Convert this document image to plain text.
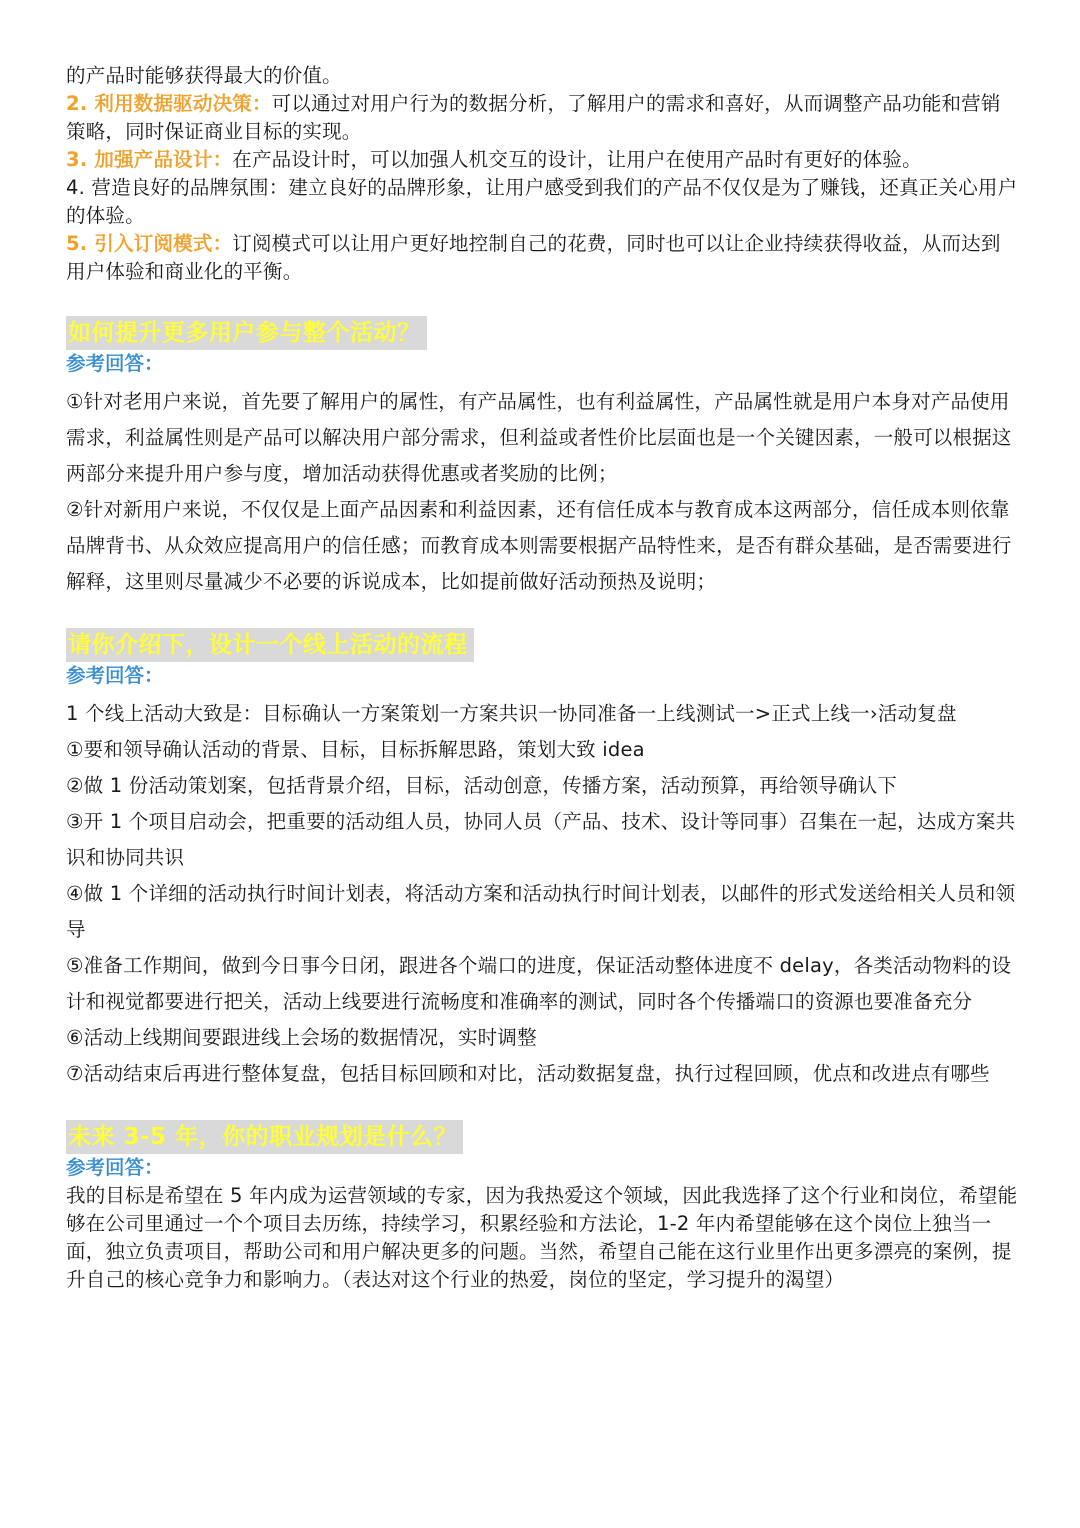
的产品时能够获得最大的价值。

2. 利用数据驱动决策：可以通过对用户行为的数据分析，了解用户的需求和喜好，从而调整产品功能和营销策略，同时保证商业目标的实现。

3. 加强产品设计：在产品设计时，可以加强人机交互的设计，让用户在使用产品时有更好的体验。

4. 营造良好的品牌氛围：建立良好的品牌形象，让用户感受到我们的产品不仅仅是为了赚钱，还真正关心用户的体验。

5. 引入订阅模式：订阅模式可以让用户更好地控制自己的花费，同时也可以让企业持续获得收益，从而达到用户体验和商业化的平衡。

如何提升更多用户参与整个活动？

参考回答：

①针对老用户来说，首先要了解用户的属性，有产品属性，也有利益属性，产品属性就是用户本身对产品使用需求，利益属性则是产品可以解决用户部分需求，但利益或者性价比层面也是一个关键因素，一般可以根据这两部分来提升用户参与度，增加活动获得优惠或者奖励的比例；

②针对新用户来说，不仅仅是上面产品因素和利益因素，还有信任成本与教育成本这两部分，信任成本则依靠品牌背书、从众效应提高用户的信任感；而教育成本则需要根据产品特性来，是否有群众基础，是否需要进行解释，这里则尽量减少不必要的诉说成本，比如提前做好活动预热及说明；

请你介绍下，设计一个线上活动的流程

参考回答：

1 个线上活动大致是：目标确认一方案策划一方案共识一协同准备一上线测试一>正式上线一›活动复盘

①要和领导确认活动的背景、目标，目标拆解思路，策划大致 idea

②做 1 份活动策划案，包括背景介绍，目标，活动创意，传播方案，活动预算，再给领导确认下

③开 1 个项目启动会，把重要的活动组人员，协同人员（产品、技术、设计等同事）召集在一起，达成方案共识和协同共识

④做 1 个详细的活动执行时间计划表，将活动方案和活动执行时间计划表，以邮件的形式发送给相关人员和领导

⑤准备工作期间，做到今日事今日闭，跟进各个端口的进度，保证活动整体进度不 delay，各类活动物料的设计和视觉都要进行把关，活动上线要进行流畅度和准确率的测试，同时各个传播端口的资源也要准备充分

⑥活动上线期间要跟进线上会场的数据情况，实时调整

⑦活动结束后再进行整体复盘，包括目标回顾和对比，活动数据复盘，执行过程回顾，优点和改进点有哪些

未来 3-5 年，你的职业规划是什么？

参考回答：

我的目标是希望在 5 年内成为运营领域的专家，因为我热爱这个领域，因此我选择了这个行业和岗位，希望能够在公司里通过一个个项目去历练，持续学习，积累经验和方法论，1-2 年内希望能够在这个岗位上独当一面，独立负责项目，帮助公司和用户解决更多的问题。当然，希望自己能在这行业里作出更多漂亮的案例，提升自己的核心竞争力和影响力。（表达对这个行业的热爱，岗位的坚定，学习提升的渴望）
